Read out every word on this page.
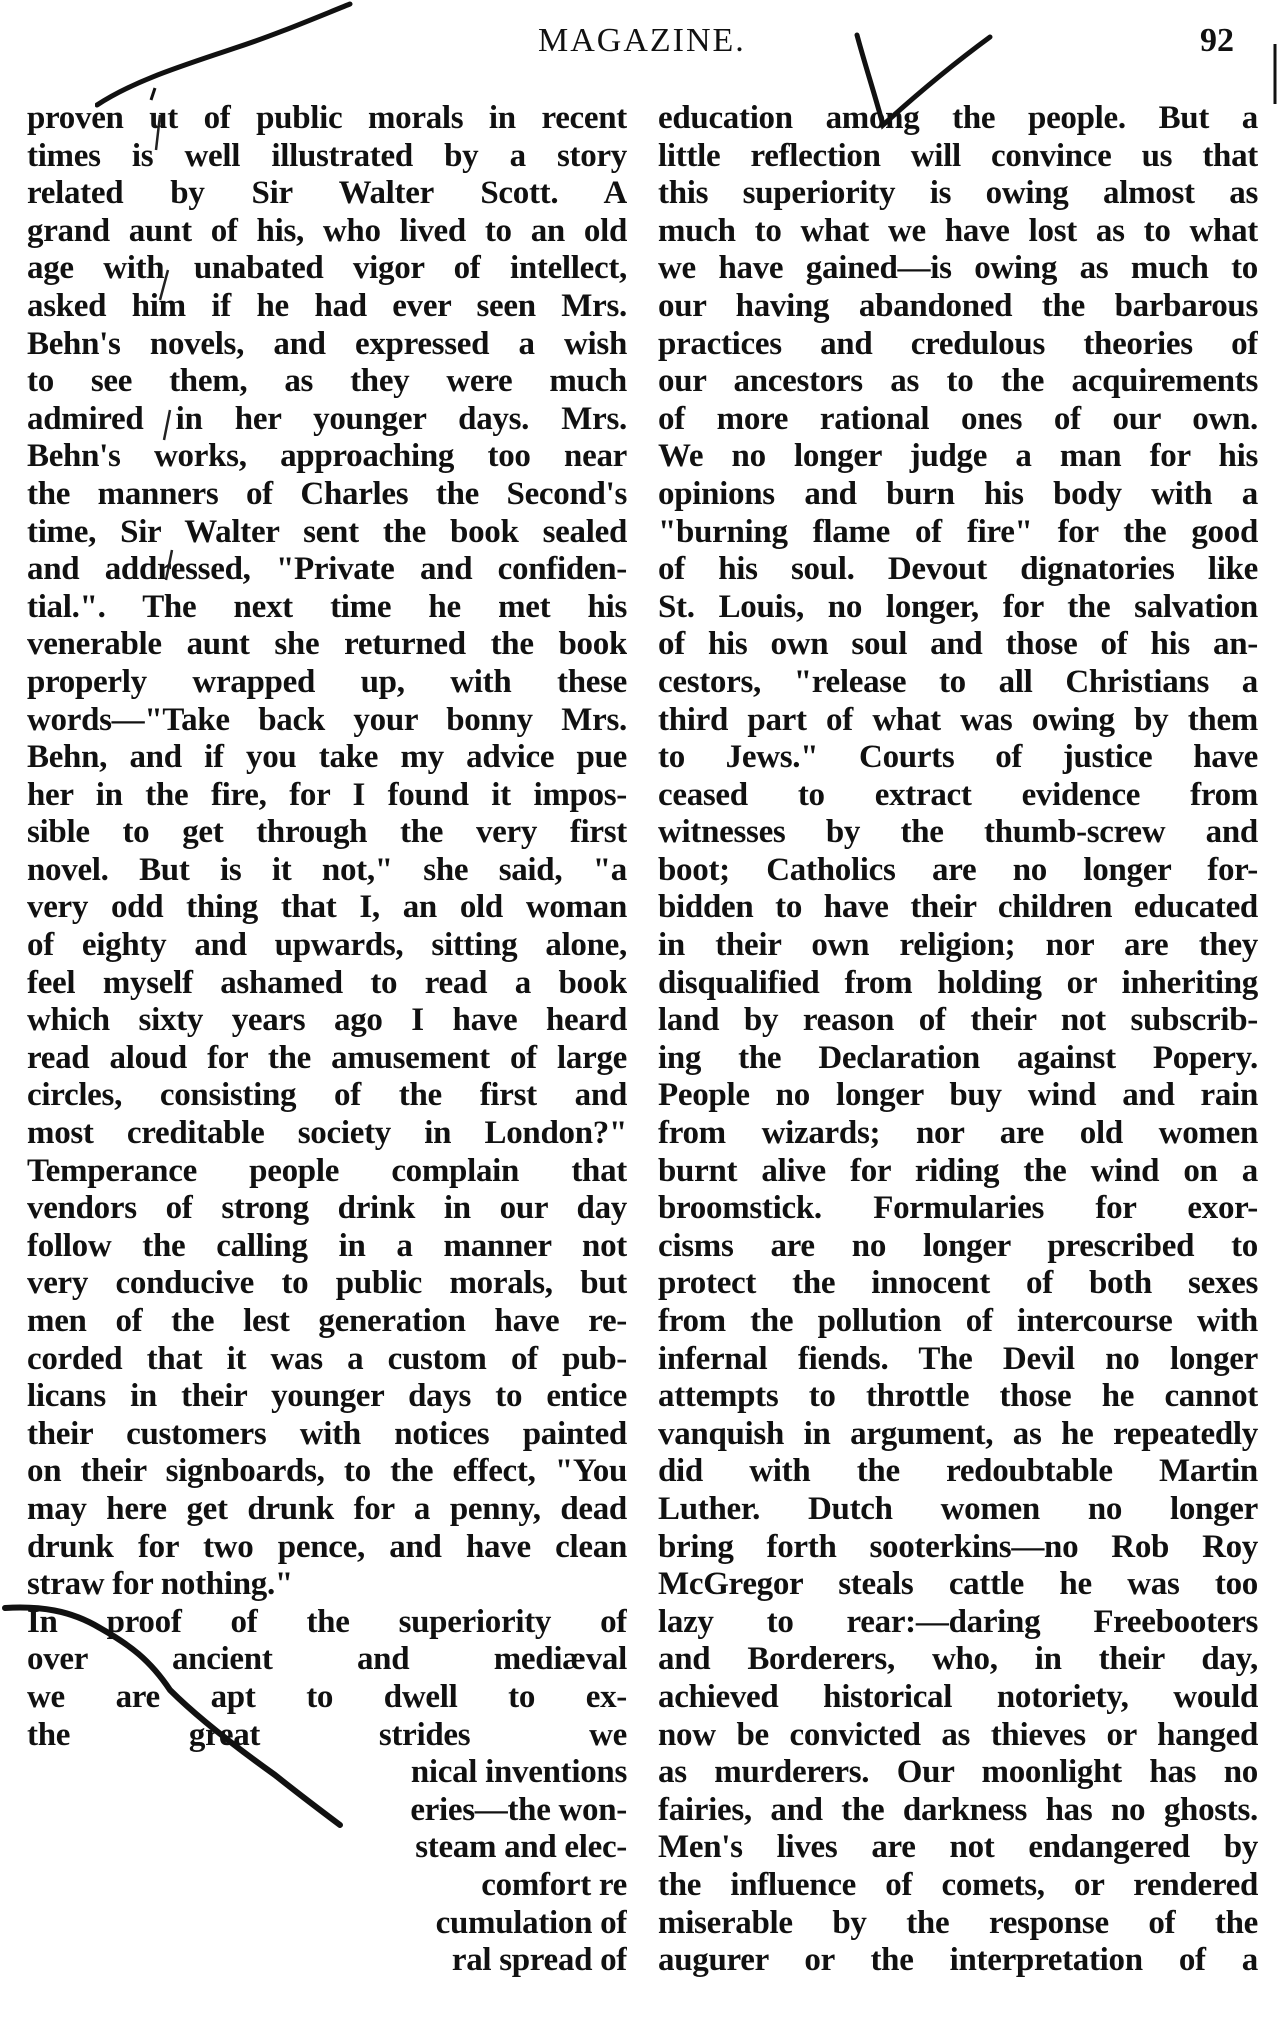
MAGAZINE.	92
proven ut of public morals in recent
times is well illustrated by a story
related by Sir Walter Scott. A
grand aunt of his, who lived to an old
age with unabated vigor of intellect,
asked him if he had ever seen Mrs.
Behn's novels, and expressed a wish
to see them, as they were much
admired in her younger days. Mrs.
Behn's works, approaching too near
the manners of Charles the Second's
time, Sir Walter sent the book sealed
and addressed, "Private and confiden-
tial.". The next time he met his
venerable aunt she returned the book
properly wrapped up, with these
words—"Take back your bonny Mrs.
Behn, and if you take my advice pue
her in the fire, for I found it impos-
sible to get through the very first
novel. But is it not," she said, "a
very odd thing that I, an old woman
of eighty and upwards, sitting alone,
feel myself ashamed to read a book
which sixty years ago I have heard
read aloud for the amusement of large
circles, consisting of the first and
most creditable society in London?"
Temperance people complain that
vendors of strong drink in our day
follow the calling in a manner not
very conducive to public morals, but
men of the lest generation have re-
corded that it was a custom of pub-
licans in their younger days to entice
their customers with notices painted
on their signboards, to the effect, "You
may here get drunk for a penny, dead
drunk for two pence, and have clean
straw for nothing."
In proof of the superiority of
over ancient and mediæval
we are apt to dwell to ex-
the great strides we
nical inventions
eries—the won-
steam and elec-
comfort re
cumulation of
ral spread of
education among the people. But a
little reflection will convince us that
this superiority is owing almost as
much to what we have lost as to what
we have gained—is owing as much to
our having abandoned the barbarous
practices and credulous theories of
our ancestors as to the acquirements
of more rational ones of our own.
We no longer judge a man for his
opinions and burn his body with a
"burning flame of fire" for the good
of his soul. Devout dignatories like
St. Louis, no longer, for the salvation
of his own soul and those of his an-
cestors, "release to all Christians a
third part of what was owing by them
to Jews." Courts of justice have
ceased to extract evidence from
witnesses by the thumb-screw and
boot; Catholics are no longer for-
bidden to have their children educated
in their own religion; nor are they
disqualified from holding or inheriting
land by reason of their not subscrib-
ing the Declaration against Popery.
People no longer buy wind and rain
from wizards; nor are old women
burnt alive for riding the wind on a
broomstick. Formularies for exor-
cisms are no longer prescribed to
protect the innocent of both sexes
from the pollution of intercourse with
infernal fiends. The Devil no longer
attempts to throttle those he cannot
vanquish in argument, as he repeatedly
did with the redoubtable Martin
Luther. Dutch women no longer
bring forth sooterkins—no Rob Roy
McGregor steals cattle he was too
lazy to rear:—daring Freebooters
and Borderers, who, in their day,
achieved historical notoriety, would
now be convicted as thieves or hanged
as murderers. Our moonlight has no
fairies, and the darkness has no ghosts.
Men's lives are not endangered by
the influence of comets, or rendered
miserable by the response of the
augurer or the interpretation of a
